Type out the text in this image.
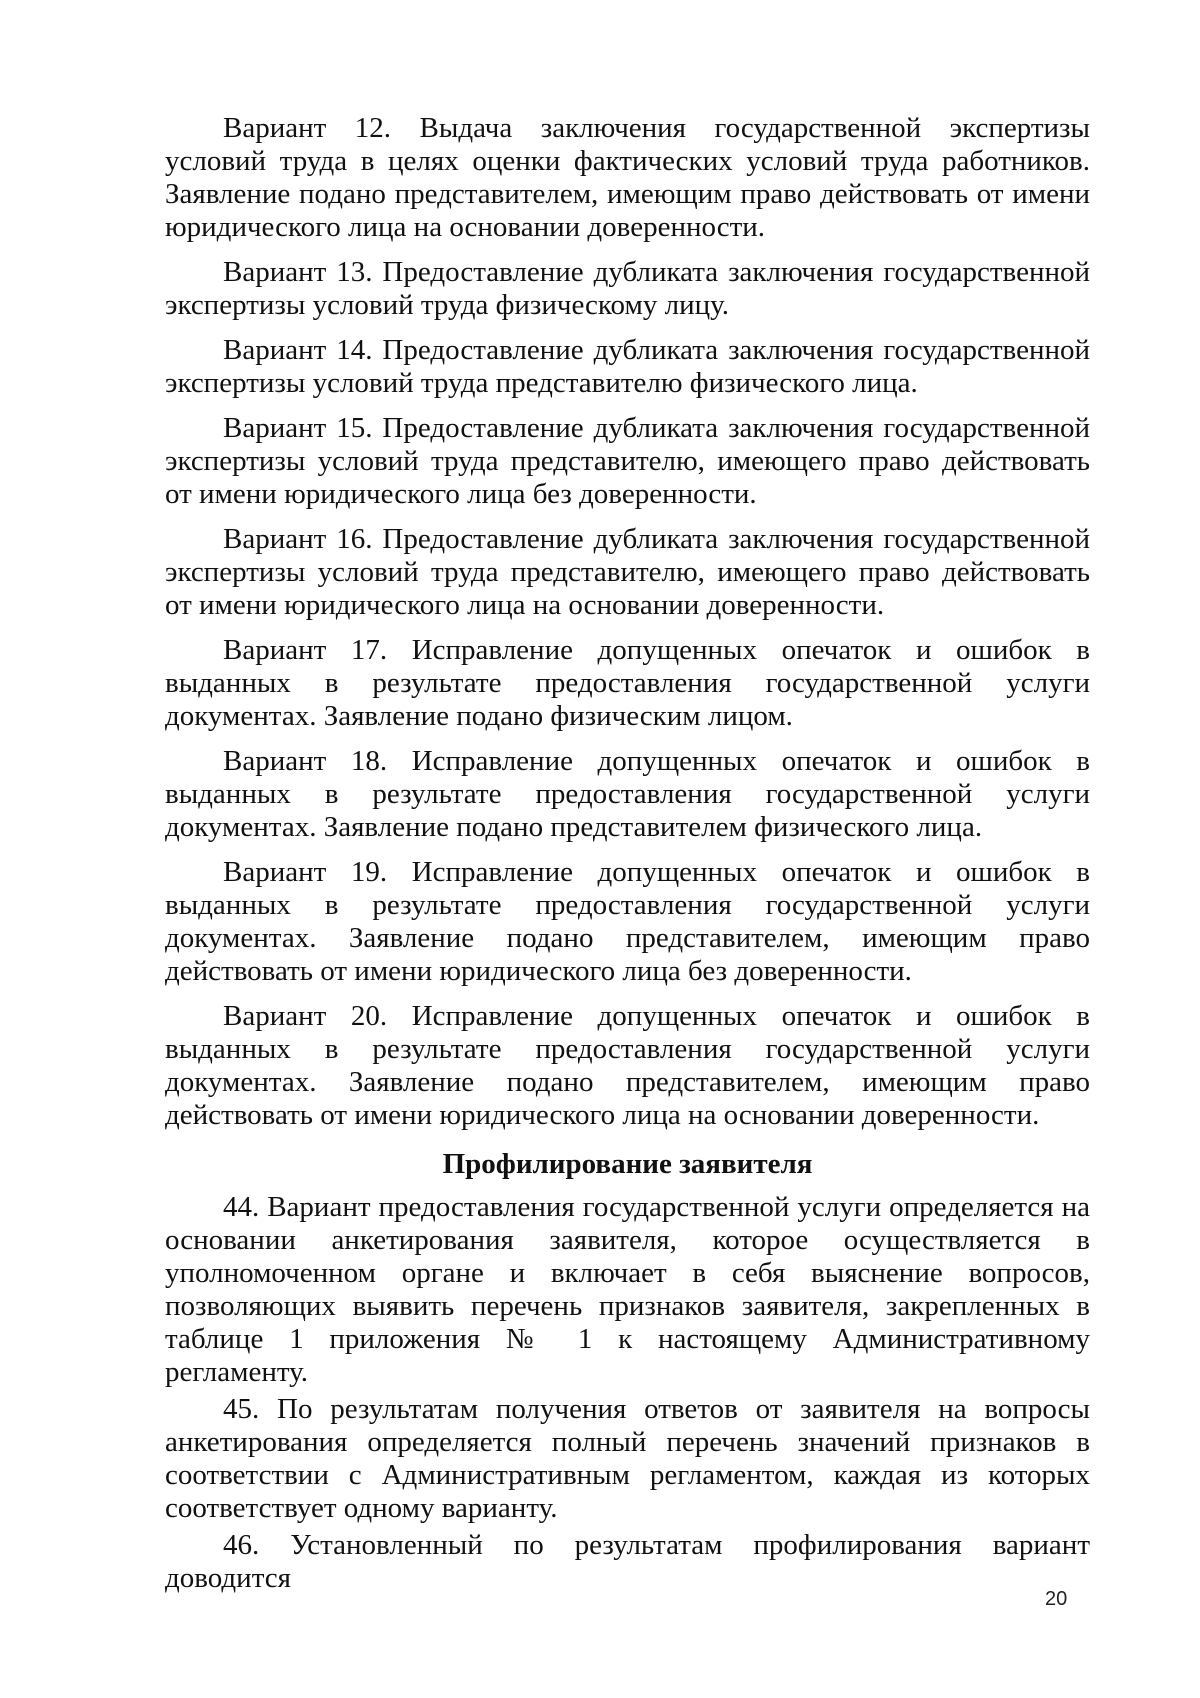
Вариант 12. Выдача заключения государственной экспертизы условий труда в целях оценки фактических условий труда работников. Заявление подано представителем, имеющим право действовать от имени юридического лица на основании доверенности.

Вариант 13. Предоставление дубликата заключения государственной экспертизы условий труда физическому лицу.

Вариант 14. Предоставление дубликата заключения государственной экспертизы условий труда представителю физического лица.

Вариант 15. Предоставление дубликата заключения государственной экспертизы условий труда представителю, имеющего право действовать от имени юридического лица без доверенности.

Вариант 16. Предоставление дубликата заключения государственной экспертизы условий труда представителю, имеющего право действовать от имени юридического лица на основании доверенности.

Вариант 17. Исправление допущенных опечаток и ошибок в выданных в результате предоставления государственной услуги документах. Заявление подано физическим лицом.

Вариант 18. Исправление допущенных опечаток и ошибок в выданных в результате предоставления государственной услуги документах. Заявление подано представителем физического лица.

Вариант 19. Исправление допущенных опечаток и ошибок в выданных в результате предоставления государственной услуги документах. Заявление подано представителем, имеющим право действовать от имени юридического лица без доверенности.

Вариант 20. Исправление допущенных опечаток и ошибок в выданных в результате предоставления государственной услуги документах. Заявление подано представителем, имеющим право действовать от имени юридического лица на основании доверенности.

Профилирование заявителя

44. Вариант предоставления государственной услуги определяется на основании анкетирования заявителя, которое осуществляется в уполномоченном органе и включает в себя выяснение вопросов, позволяющих выявить перечень признаков заявителя, закрепленных в таблице 1 приложения № 1 к настоящему Административному регламенту.

45. По результатам получения ответов от заявителя на вопросы анкетирования определяется полный перечень значений признаков в соответствии с Административным регламентом, каждая из которых соответствует одному варианту.

46. Установленный по результатам профилирования вариант доводится

20
